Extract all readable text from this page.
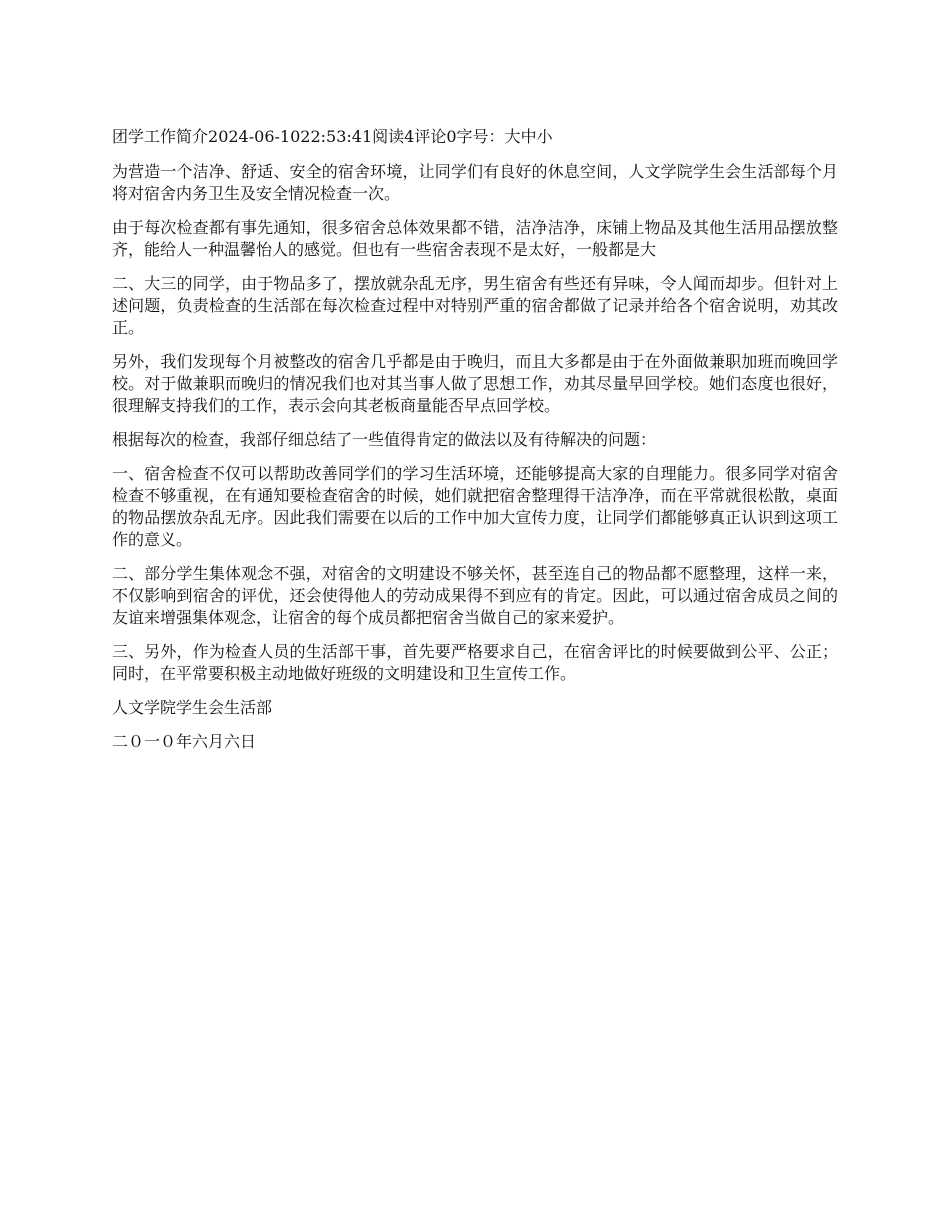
团学工作简介2024-06-1022:53:41阅读4评论0字号：大中小

为营造一个洁净、舒适、安全的宿舍环境，让同学们有良好的休息空间，人文学院学生会生活部每个月将对宿舍内务卫生及安全情况检查一次。

由于每次检查都有事先通知，很多宿舍总体效果都不错，洁净洁净，床铺上物品及其他生活用品摆放整齐，能给人一种温馨怡人的感觉。但也有一些宿舍表现不是太好，一般都是大

二、大三的同学，由于物品多了，摆放就杂乱无序，男生宿舍有些还有异味，令人闻而却步。但针对上述问题，负责检查的生活部在每次检查过程中对特别严重的宿舍都做了记录并给各个宿舍说明，劝其改正。

另外，我们发现每个月被整改的宿舍几乎都是由于晚归，而且大多都是由于在外面做兼职加班而晚回学校。对于做兼职而晚归的情况我们也对其当事人做了思想工作，劝其尽量早回学校。她们态度也很好，很理解支持我们的工作，表示会向其老板商量能否早点回学校。

根据每次的检查，我部仔细总结了一些值得肯定的做法以及有待解决的问题：

一、宿舍检查不仅可以帮助改善同学们的学习生活环境，还能够提高大家的自理能力。很多同学对宿舍检查不够重视，在有通知要检查宿舍的时候，她们就把宿舍整理得干洁净净，而在平常就很松散，桌面的物品摆放杂乱无序。因此我们需要在以后的工作中加大宣传力度，让同学们都能够真正认识到这项工作的意义。

二、部分学生集体观念不强，对宿舍的文明建设不够关怀，甚至连自己的物品都不愿整理，这样一来，不仅影响到宿舍的评优，还会使得他人的劳动成果得不到应有的肯定。因此，可以通过宿舍成员之间的友谊来增强集体观念，让宿舍的每个成员都把宿舍当做自己的家来爱护。

三、另外，作为检查人员的生活部干事，首先要严格要求自己，在宿舍评比的时候要做到公平、公正；同时，在平常要积极主动地做好班级的文明建设和卫生宣传工作。

人文学院学生会生活部

二０一０年六月六日
